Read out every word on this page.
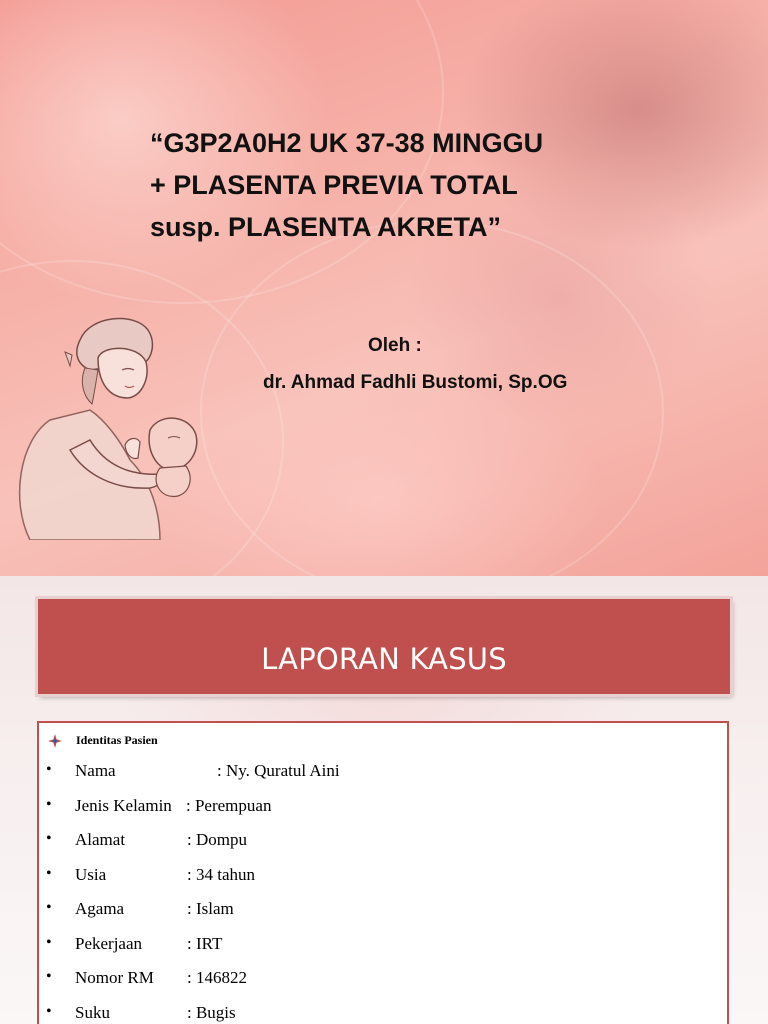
“G3P2A0H2 UK 37-38 MINGGU
+ PLASENTA PREVIA TOTAL
susp. PLASENTA AKRETA”
Oleh :
dr. Ahmad Fadhli Bustomi, Sp.OG
LAPORAN KASUS
Identitas Pasien
• Nama	: Ny. Quratul Aini
• Jenis Kelamin : Perempuan
• Alamat	: Dompu
• Usia	: 34 tahun
• Agama	: Islam
• Pekerjaan	: IRT
• Nomor RM : 146822
• Suku	: Bugis
